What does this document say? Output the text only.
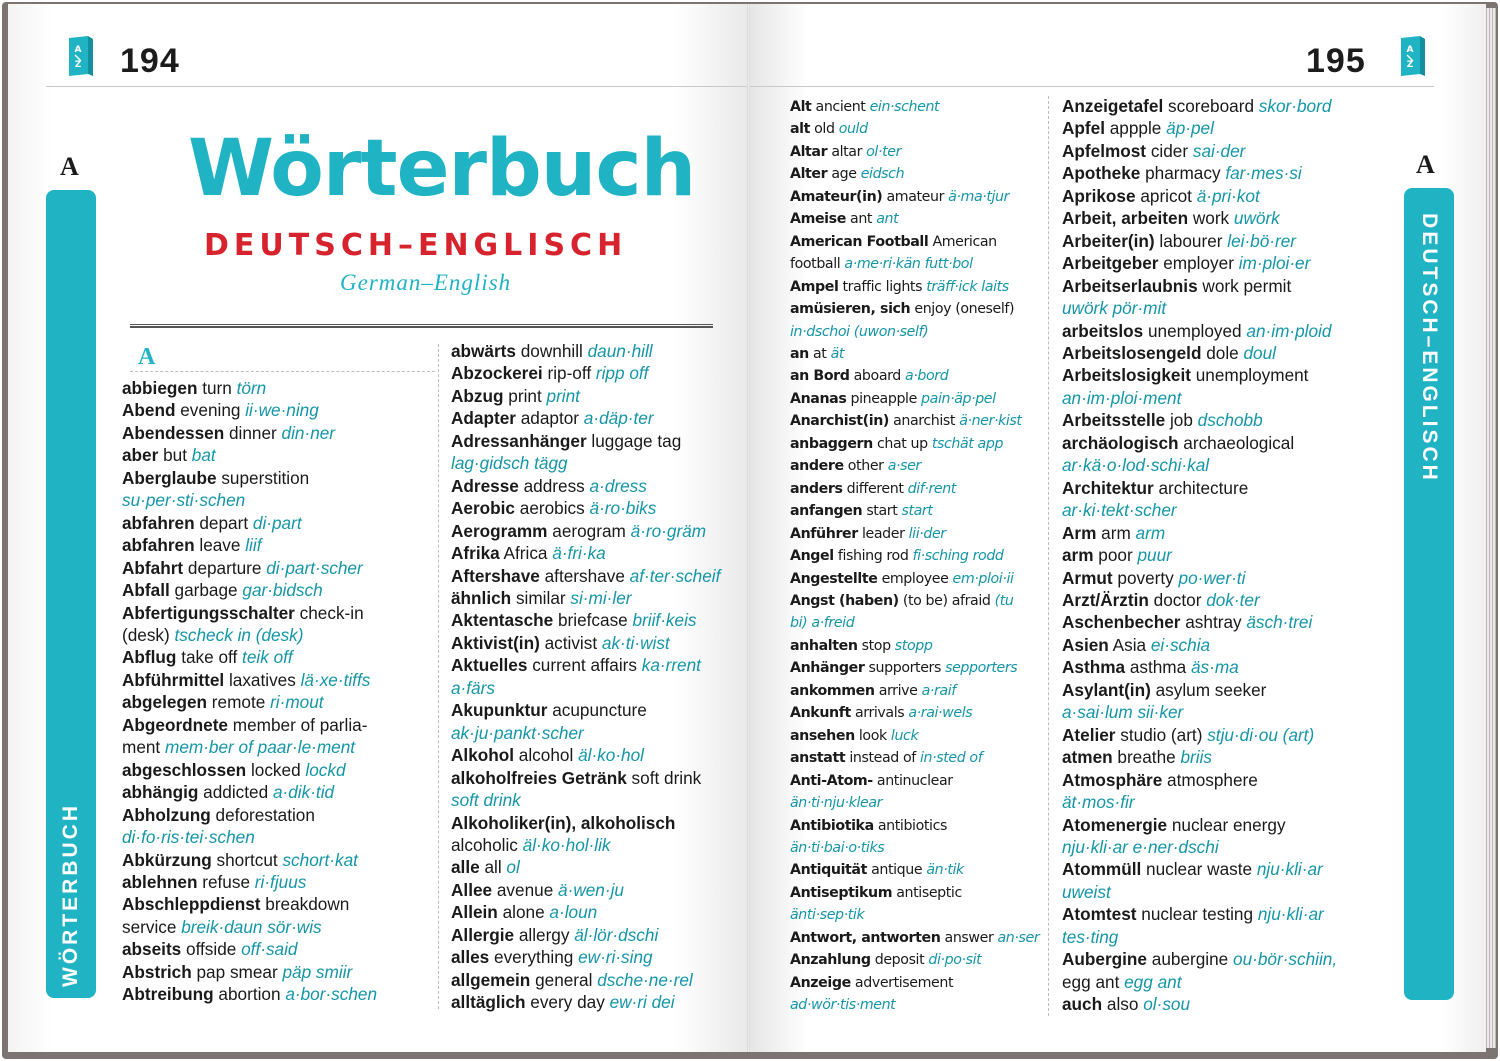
A
Z 194
A
WÖRTERBUCH
Wörterbuch
DEUTSCH–ENGLISCH
German–English
A
abbiegen turn törn
Abend evening ii·we·ning
Abendessen dinner din·ner
aber but bat
Aberglaube superstition
su·per·sti·schen
abfahren depart di·part
abfahren leave liif
Abfahrt departure di·part·scher
Abfall garbage gar·bidsch
Abfertigungsschalter check-in
(desk) tscheck in (desk)
Abflug take off teik off
Abführmittel laxatives lä·xe·tiffs
abgelegen remote ri·mout
Abgeordnete member of parlia-
ment mem·ber of paar·le·ment
abgeschlossen locked lockd
abhängig addicted a·dik·tid
Abholzung deforestation
di·fo·ris·tei·schen
Abkürzung shortcut schort·kat
ablehnen refuse ri·fjuus
Abschleppdienst breakdown
service breik·daun sör·wis
abseits offside off·said
Abstrich pap smear päp smiir
Abtreibung abortion a·bor·schen
abwärts downhill daun·hill
Abzockerei rip-off ripp off
Abzug print print
Adapter adaptor a·däp·ter
Adressanhänger luggage tag
lag·gidsch tägg
Adresse address a·dress
Aerobic aerobics ä·ro·biks
Aerogramm aerogram ä·ro·gräm
Afrika Africa ä·fri·ka
Aftershave aftershave af·ter·scheif
ähnlich similar si·mi·ler
Aktentasche briefcase briif·keis
Aktivist(in) activist ak·ti·wist
Aktuelles current affairs ka·rrent
a·färs
Akupunktur acupuncture
ak·ju·pankt·scher
Alkohol alcohol äl·ko·hol
alkoholfreies Getränk soft drink
soft drink
Alkoholiker(in), alkoholisch
alcoholic äl·ko·hol·lik
alle all ol
Allee avenue ä·wen·ju
Allein alone a·loun
Allergie allergy äl·lör·dschi
alles everything ew·ri·sing
allgemein general dsche·ne·rel
alltäglich every day ew·ri dei
195	A
Z
A
DEUTSCH–ENGLISCH
Alt ancient ein·schent
alt old ould
Altar altar ol·ter
Alter age eidsch
Amateur(in) amateur ä·ma·tjur
Ameise ant ant
American Football American
football a·me·ri·kän futt·bol
Ampel traffic lights träff·ick laits
amüsieren, sich enjoy (oneself)
in·dschoi (uwon·self)
an at ät
an Bord aboard a·bord
Ananas pineapple pain·äp·pel
Anarchist(in) anarchist ä·ner·kist
anbaggern chat up tschät app
andere other a·ser
anders different dif·rent
anfangen start start
Anführer leader lii·der
Angel fishing rod fi·sching rodd
Angestellte employee em·ploi·ii
Angst (haben) (to be) afraid (tu
bi) a·freid
anhalten stop stopp
Anhänger supporters sepporters
ankommen arrive a·raif
Ankunft arrivals a·rai·wels
ansehen look luck
anstatt instead of in·sted of
Anti-Atom- antinuclear
än·ti·nju·klear
Antibiotika antibiotics
än·ti·bai·o·tiks
Antiquität antique än·tik
Antiseptikum antiseptic
änti·sep·tik
Antwort, antworten answer an·ser
Anzahlung deposit di·po·sit
Anzeige advertisement
ad·wör·tis·ment
Anzeigetafel scoreboard skor·bord
Apfel appple äp·pel
Apfelmost cider sai·der
Apotheke pharmacy far·mes·si
Aprikose apricot ä·pri·kot
Arbeit, arbeiten work uwörk
Arbeiter(in) labourer lei·bö·rer
Arbeitgeber employer im·ploi·er
Arbeitserlaubnis work permit
uwörk pör·mit
arbeitslos unemployed an·im·ploid
Arbeitslosengeld dole doul
Arbeitslosigkeit unemployment
an·im·ploi·ment
Arbeitsstelle job dschobb
archäologisch archaeological
ar·kä·o·lod·schi·kal
Architektur architecture
ar·ki·tekt·scher
Arm arm arm
arm poor puur
Armut poverty po·wer·ti
Arzt/Ärztin doctor dok·ter
Aschenbecher ashtray äsch·trei
Asien Asia ei·schia
Asthma asthma äs·ma
Asylant(in) asylum seeker
a·sai·lum sii·ker
Atelier studio (art) stju·di·ou (art)
atmen breathe briis
Atmosphäre atmosphere
ät·mos·fir
Atomenergie nuclear energy
nju·kli·ar e·ner·dschi
Atommüll nuclear waste nju·kli·ar
uweist
Atomtest nuclear testing nju·kli·ar
tes·ting
Aubergine aubergine ou·bör·schiin,
egg ant egg ant
auch also ol·sou
